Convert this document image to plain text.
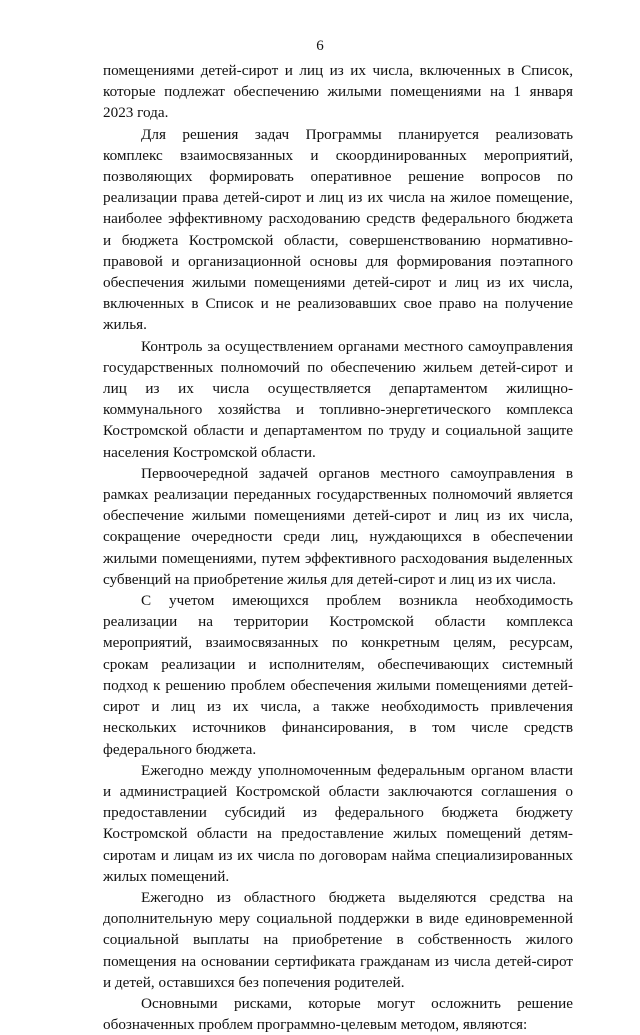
6

помещениями детей-сирот и лиц из их числа, включенных в Список, которые подлежат обеспечению жилыми помещениями на 1 января 2023 года.

Для решения задач Программы планируется реализовать комплекс взаимосвязанных и скоординированных мероприятий, позволяющих формировать оперативное решение вопросов по реализации права детей-сирот и лиц из их числа на жилое помещение, наиболее эффективному расходованию средств федерального бюджета и бюджета Костромской области, совершенствованию нормативно-правовой и организационной основы для формирования поэтапного обеспечения жилыми помещениями детей-сирот и лиц из их числа, включенных в Список и не реализовавших свое право на получение жилья.

Контроль за осуществлением органами местного самоуправления государственных полномочий по обеспечению жильем детей-сирот и лиц из их числа осуществляется департаментом жилищно-коммунального хозяйства и топливно-энергетического комплекса Костромской области и департаментом по труду и социальной защите населения Костромской области.

Первоочередной задачей органов местного самоуправления в рамках реализации переданных государственных полномочий является обеспечение жилыми помещениями детей-сирот и лиц из их числа, сокращение очередности среди лиц, нуждающихся в обеспечении жилыми помещениями, путем эффективного расходования выделенных субвенций на приобретение жилья для детей-сирот и лиц из их числа.

С учетом имеющихся проблем возникла необходимость реализации на территории Костромской области комплекса мероприятий, взаимосвязанных по конкретным целям, ресурсам, срокам реализации и исполнителям, обеспечивающих системный подход к решению проблем обеспечения жилыми помещениями детей-сирот и лиц из их числа, а также необходимость привлечения нескольких источников финансирования, в том числе средств федерального бюджета.

Ежегодно между уполномоченным федеральным органом власти и администрацией Костромской области заключаются соглашения о предоставлении субсидий из федерального бюджета бюджету Костромской области на предоставление жилых помещений детям-сиротам и лицам из их числа по договорам найма специализированных жилых помещений.

Ежегодно из областного бюджета выделяются средства на дополнительную меру социальной поддержки в виде единовременной социальной выплаты на приобретение в собственность жилого помещения на основании сертификата гражданам из числа детей-сирот и детей, оставшихся без попечения родителей.

Основными рисками, которые могут осложнить решение обозначенных проблем программно-целевым методом, являются:
